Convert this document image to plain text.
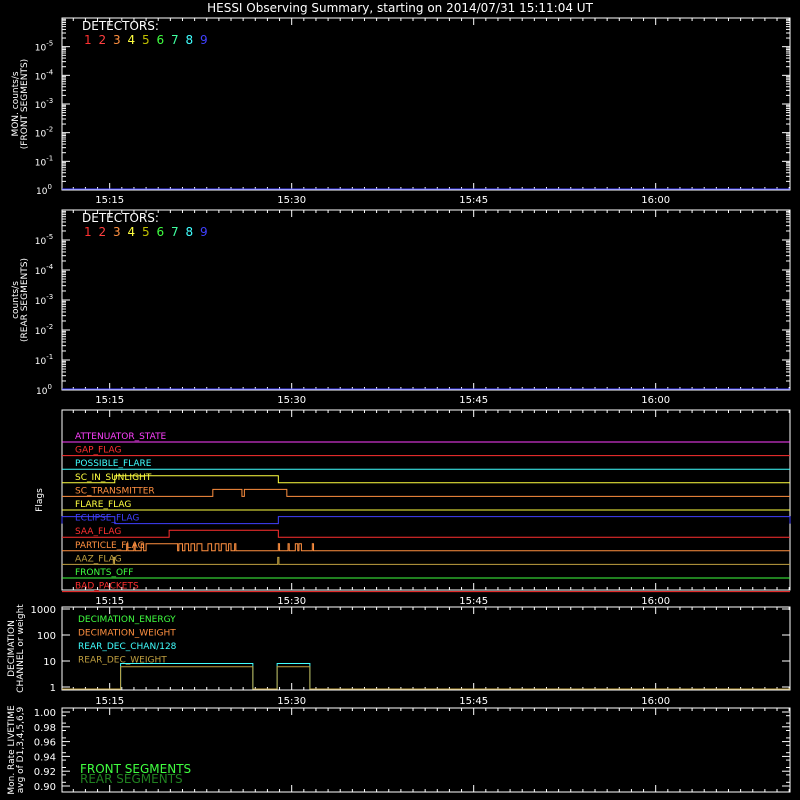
HESSI Observing Summary, starting on 2014/07/31 15:11:04 UT
15:15	15:30	15:45	16:00
15:15	15:30	15:45	16:00
15:15	15:30	15:45	16:00
15:15	15:30	15:45	16:00
$10^{-5}$
$10^{-4}$
$10^{-3}$
$10^{-2}$
$10^{-1}$
$10^0$
MON. counts/s (FRONT SEGMENTS)
DETECTORS:
1 2 3 4 5 6 7 8 9
$10^{-5}$
$10^{-4}$
$10^{-3}$
$10^{-2}$
$10^{-1}$
$10^0$
counts/s (REAR SEGMENTS)
DETECTORS:
1 2 3 4 5 6 7 8 9
Flags
ATTENUATOR_STATE
GAP_FLAG
POSSIBLE_FLARE
SC_IN_SUNLIGHT
SC_TRANSMITTER
FLARE_FLAG
ECLIPSE_FLAG
SAA_FLAG
PARTICLE_FLAG
AAZ_FLAG
FRONTS_OFF
BAD_PACKETS
1
10
100
1000
DECIMATION CHANNEL or weight	DECIMATION_ENERGY
DECIMATION_WEIGHT
REAR_DEC_CHAN/128
REAR_DEC_WEIGHT
0.90
0.92
0.94
0.96
0.98
1.00
Mon. Rate LIVETIME avg of D1,3,4,5,6,9	FRONT SEGMENTS
REAR SEGMENTS
